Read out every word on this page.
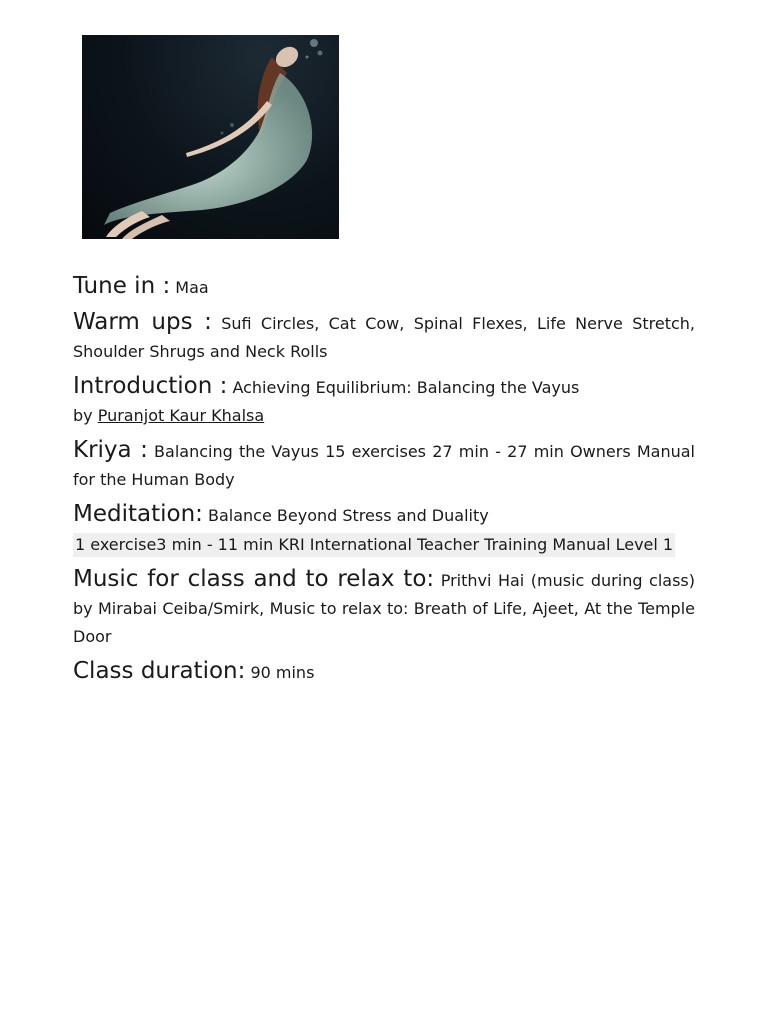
Tune in : Maa

Warm ups : Sufi Circles, Cat Cow, Spinal Flexes, Life Nerve Stretch, Shoulder Shrugs and Neck Rolls

Introduction : Achieving Equilibrium: Balancing the Vayus
by Puranjot Kaur Khalsa

Kriya : Balancing the Vayus 15 exercises 27 min - 27 min Owners Manual for the Human Body

Meditation: Balance Beyond Stress and Duality
1 exercise3 min - 11 min KRI International Teacher Training Manual Level 1

Music for class and to relax to: Prithvi Hai (music during class) by Mirabai Ceiba/Smirk, Music to relax to: Breath of Life, Ajeet, At the Temple Door

Class duration: 90 mins
